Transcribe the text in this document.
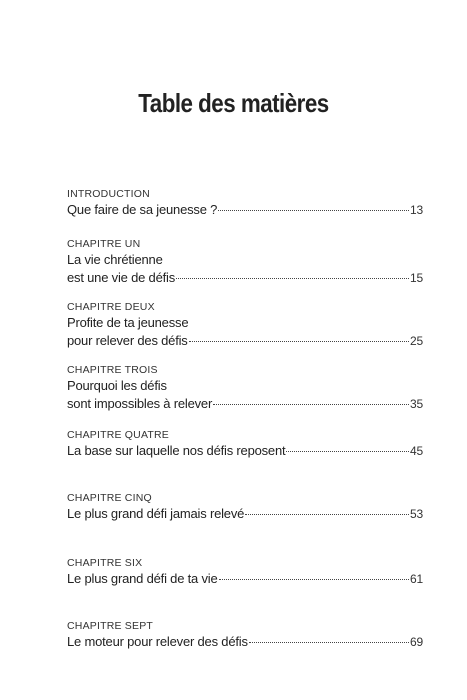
Table des matières
INTRODUCTION
Que faire de sa jeunesse ?	13
CHAPITRE UN
La vie chrétienne
est une vie de défis	15
CHAPITRE DEUX
Profite de ta jeunesse
pour relever des défis	25
CHAPITRE TROIS
Pourquoi les défis
sont impossibles à relever	35
CHAPITRE QUATRE
La base sur laquelle nos défis reposent	45
CHAPITRE CINQ
Le plus grand défi jamais relevé	53
CHAPITRE SIX
Le plus grand défi de ta vie	61
CHAPITRE SEPT
Le moteur pour relever des défis	69
